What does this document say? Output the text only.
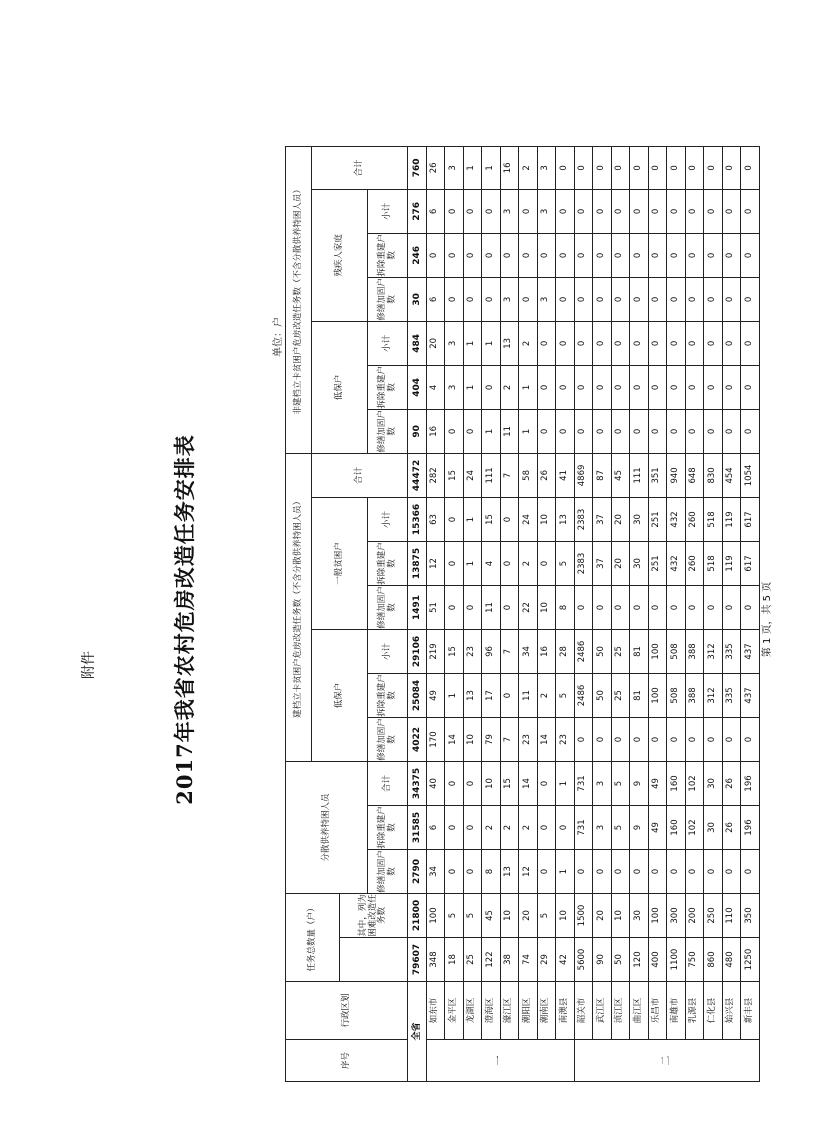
附件	2017年我省农村危房改造任务安排表
单位：户
序号	行政区划	任务总数量（户）		分散供养特困人员			建档立卡贫困户危房改造任务数（不含分散供养特困人员）							非建档立卡贫困户危房改造任务数（不含分散供养特困人员）						
							低保户			一般贫困户			合计	低保户			残疾人家庭			合计
			其中，列为困难改造任务数																	
				修缮加固户数	拆除重建户数	合计	修缮加固户数	拆除重建户数	小计	修缮加固户数	拆除重建户数	小计		修缮加固户数	拆除重建户数	小计	修缮加固户数	拆除重建户数	小计	
全省		79607	21800	2790	31585	34375	4022	25084	29106	1491	13875	15366	44472	90	404	484	30	246	276	760
一	如东市	348	100	34	6	40	170	49	219	51	12	63	282	16	4	20	6	0	6	26
	金平区	18	5	0	0	0	14	1	15	0	0	0	15	0	3	3	0	0	0	3
	龙湖区	25	5	0	0	0	10	13	23	0	1	1	24	0	1	1	0	0	0	1
	澄海区	122	45	8	2	10	79	17	96	11	4	15	111	1	0	1	0	0	0	1
	濠江区	38	10	13	2	15	7	0	7	0	0	0	7	11	2	13	3	0	3	16
	潮阳区	74	20	12	2	14	23	11	34	22	2	24	58	1	1	2	0	0	0	2
	潮南区	29	5	0	0	0	14	2	16	10	0	10	26	0	0	0	3	0	3	3
	南澳县	42	10	1	0	1	23	5	28	8	5	13	41	0	0	0	0	0	0	0
二	韶关市	5600	1500	0	731	731	0	2486	2486	0	2383	2383	4869	0	0	0	0	0	0	0
	武江区	90	20	0	3	3	0	50	50	0	37	37	87	0	0	0	0	0	0	0
	浈江区	50	10	0	5	5	0	25	25	0	20	20	45	0	0	0	0	0	0	0
	曲江区	120	30	0	9	9	0	81	81	0	30	30	111	0	0	0	0	0	0	0
	乐昌市	400	100	0	49	49	0	100	100	0	251	251	351	0	0	0	0	0	0	0
	南雄市	1100	300	0	160	160	0	508	508	0	432	432	940	0	0	0	0	0	0	0
	乳源县	750	200	0	102	102	0	388	388	0	260	260	648	0	0	0	0	0	0	0
	仁化县	860	250	0	30	30	0	312	312	0	518	518	830	0	0	0	0	0	0	0
	始兴县	480	110	0	26	26	0	335	335	0	119	119	454	0	0	0	0	0	0	0
	新丰县	1250	350	0	196	196	0	437	437	0	617	617	1054	0	0	0	0	0	0	0
第 1 页，共 5 页
